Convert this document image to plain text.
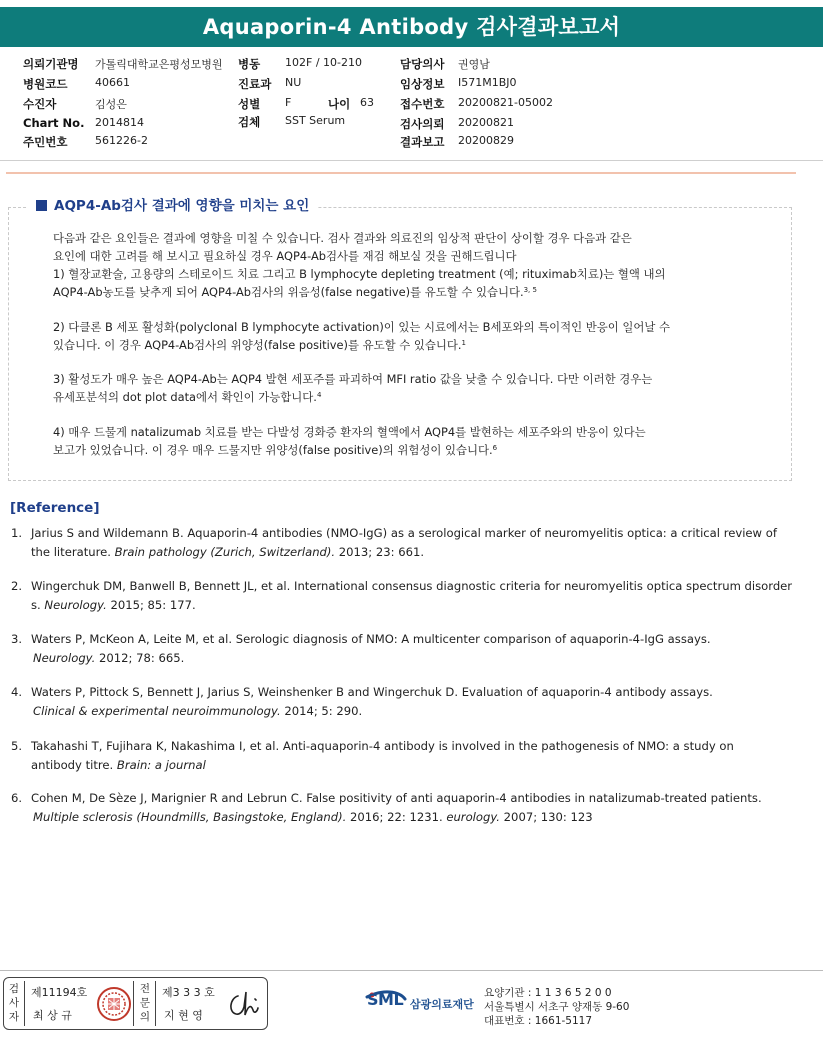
Aquaporin-4 Antibody 검사결과보고서
의뢰기관명 가톨릭대학교은평성모병원 병동 102F / 10-210	담당의사 권영남
병원코드	40661	진료과 NU	임상정보 I571M1BJ0
수진자	김성은	성별 F	나이 63 접수번호 20200821-05002
Chart No. 2014814	검체 SST Serum	검사의뢰 20200821
주민번호	561226-2	결과보고 20200829
AQP4-Ab검사 결과에 영향을 미치는 요인
다음과 같은 요인들은 결과에 영향을 미칠 수 있습니다. 검사 결과와 의료진의 임상적 판단이 상이할 경우 다음과 같은
요인에 대한 고려를 해 보시고 필요하실 경우 AQP4-Ab검사를 재검 해보실 것을 권해드립니다
1) 혈장교환술, 고용량의 스테로이드 치료 그리고 B lymphocyte depleting treatment (예; rituximab치료)는 혈액 내의
AQP4-Ab농도를 낮추게 되어 AQP4-Ab검사의 위음성(false negative)를 유도할 수 있습니다.$^{3, 5}$
2) 다클론 B 세포 활성화(polyclonal B lymphocyte activation)이 있는 시료에서는 B세포와의 특이적인 반응이 일어날 수
있습니다. 이 경우 AQP4-Ab검사의 위양성(false positive)를 유도할 수 있습니다.$^1$
3) 활성도가 매우 높은 AQP4-Ab는 AQP4 발현 세포주를 파괴하여 MFI ratio 값을 낮출 수 있습니다. 다만 이러한 경우는
유세포분석의 dot plot data에서 확인이 가능합니다.$^4$
4) 매우 드물게 natalizumab 치료를 받는 다발성 경화증 환자의 혈액에서 AQP4를 발현하는 세포주와의 반응이 있다는
보고가 있었습니다. 이 경우 매우 드물지만 위양성(false positive)의 위험성이 있습니다.$^6$
[Reference]
1. Jarius S and Wildemann B. Aquaporin-4 antibodies (NMO-IgG) as a serological marker of neuromyelitis optica: a critical review of
the literature. Brain pathology (Zurich, Switzerland). 2013; 23: 661.
2. Wingerchuk DM, Banwell B, Bennett JL, et al. International consensus diagnostic criteria for neuromyelitis optica spectrum disorder
s. Neurology. 2015; 85: 177.
3. Waters P, McKeon A, Leite M, et al. Serologic diagnosis of NMO: A multicenter comparison of aquaporin-4-IgG assays.
Neurology. 2012; 78: 665.
4. Waters P, Pittock S, Bennett J, Jarius S, Weinshenker B and Wingerchuk D. Evaluation of aquaporin-4 antibody assays.
Clinical & experimental neuroimmunology. 2014; 5: 290.
5. Takahashi T, Fujihara K, Nakashima I, et al. Anti-aquaporin-4 antibody is involved in the pathogenesis of NMO: a study on
antibody titre. Brain: a journal
6. Cohen M, De Sèze J, Marignier R and Lebrun C. False positivity of anti aquaporin-4 antibodies in natalizumab-treated patients.
Multiple sclerosis (Houndmills, Basingstoke, England). 2016; 22: 1231. eurology. 2007; 130: 123
검사자
제11194호
최 상 규
전문의
제3 3 3 호
지 현 영
SML 삼광의료재단
요양기관 : 1 1 3 6 5 2 0 0
서울특별시 서초구 양재동 9-60
대표번호 : 1661-5117
